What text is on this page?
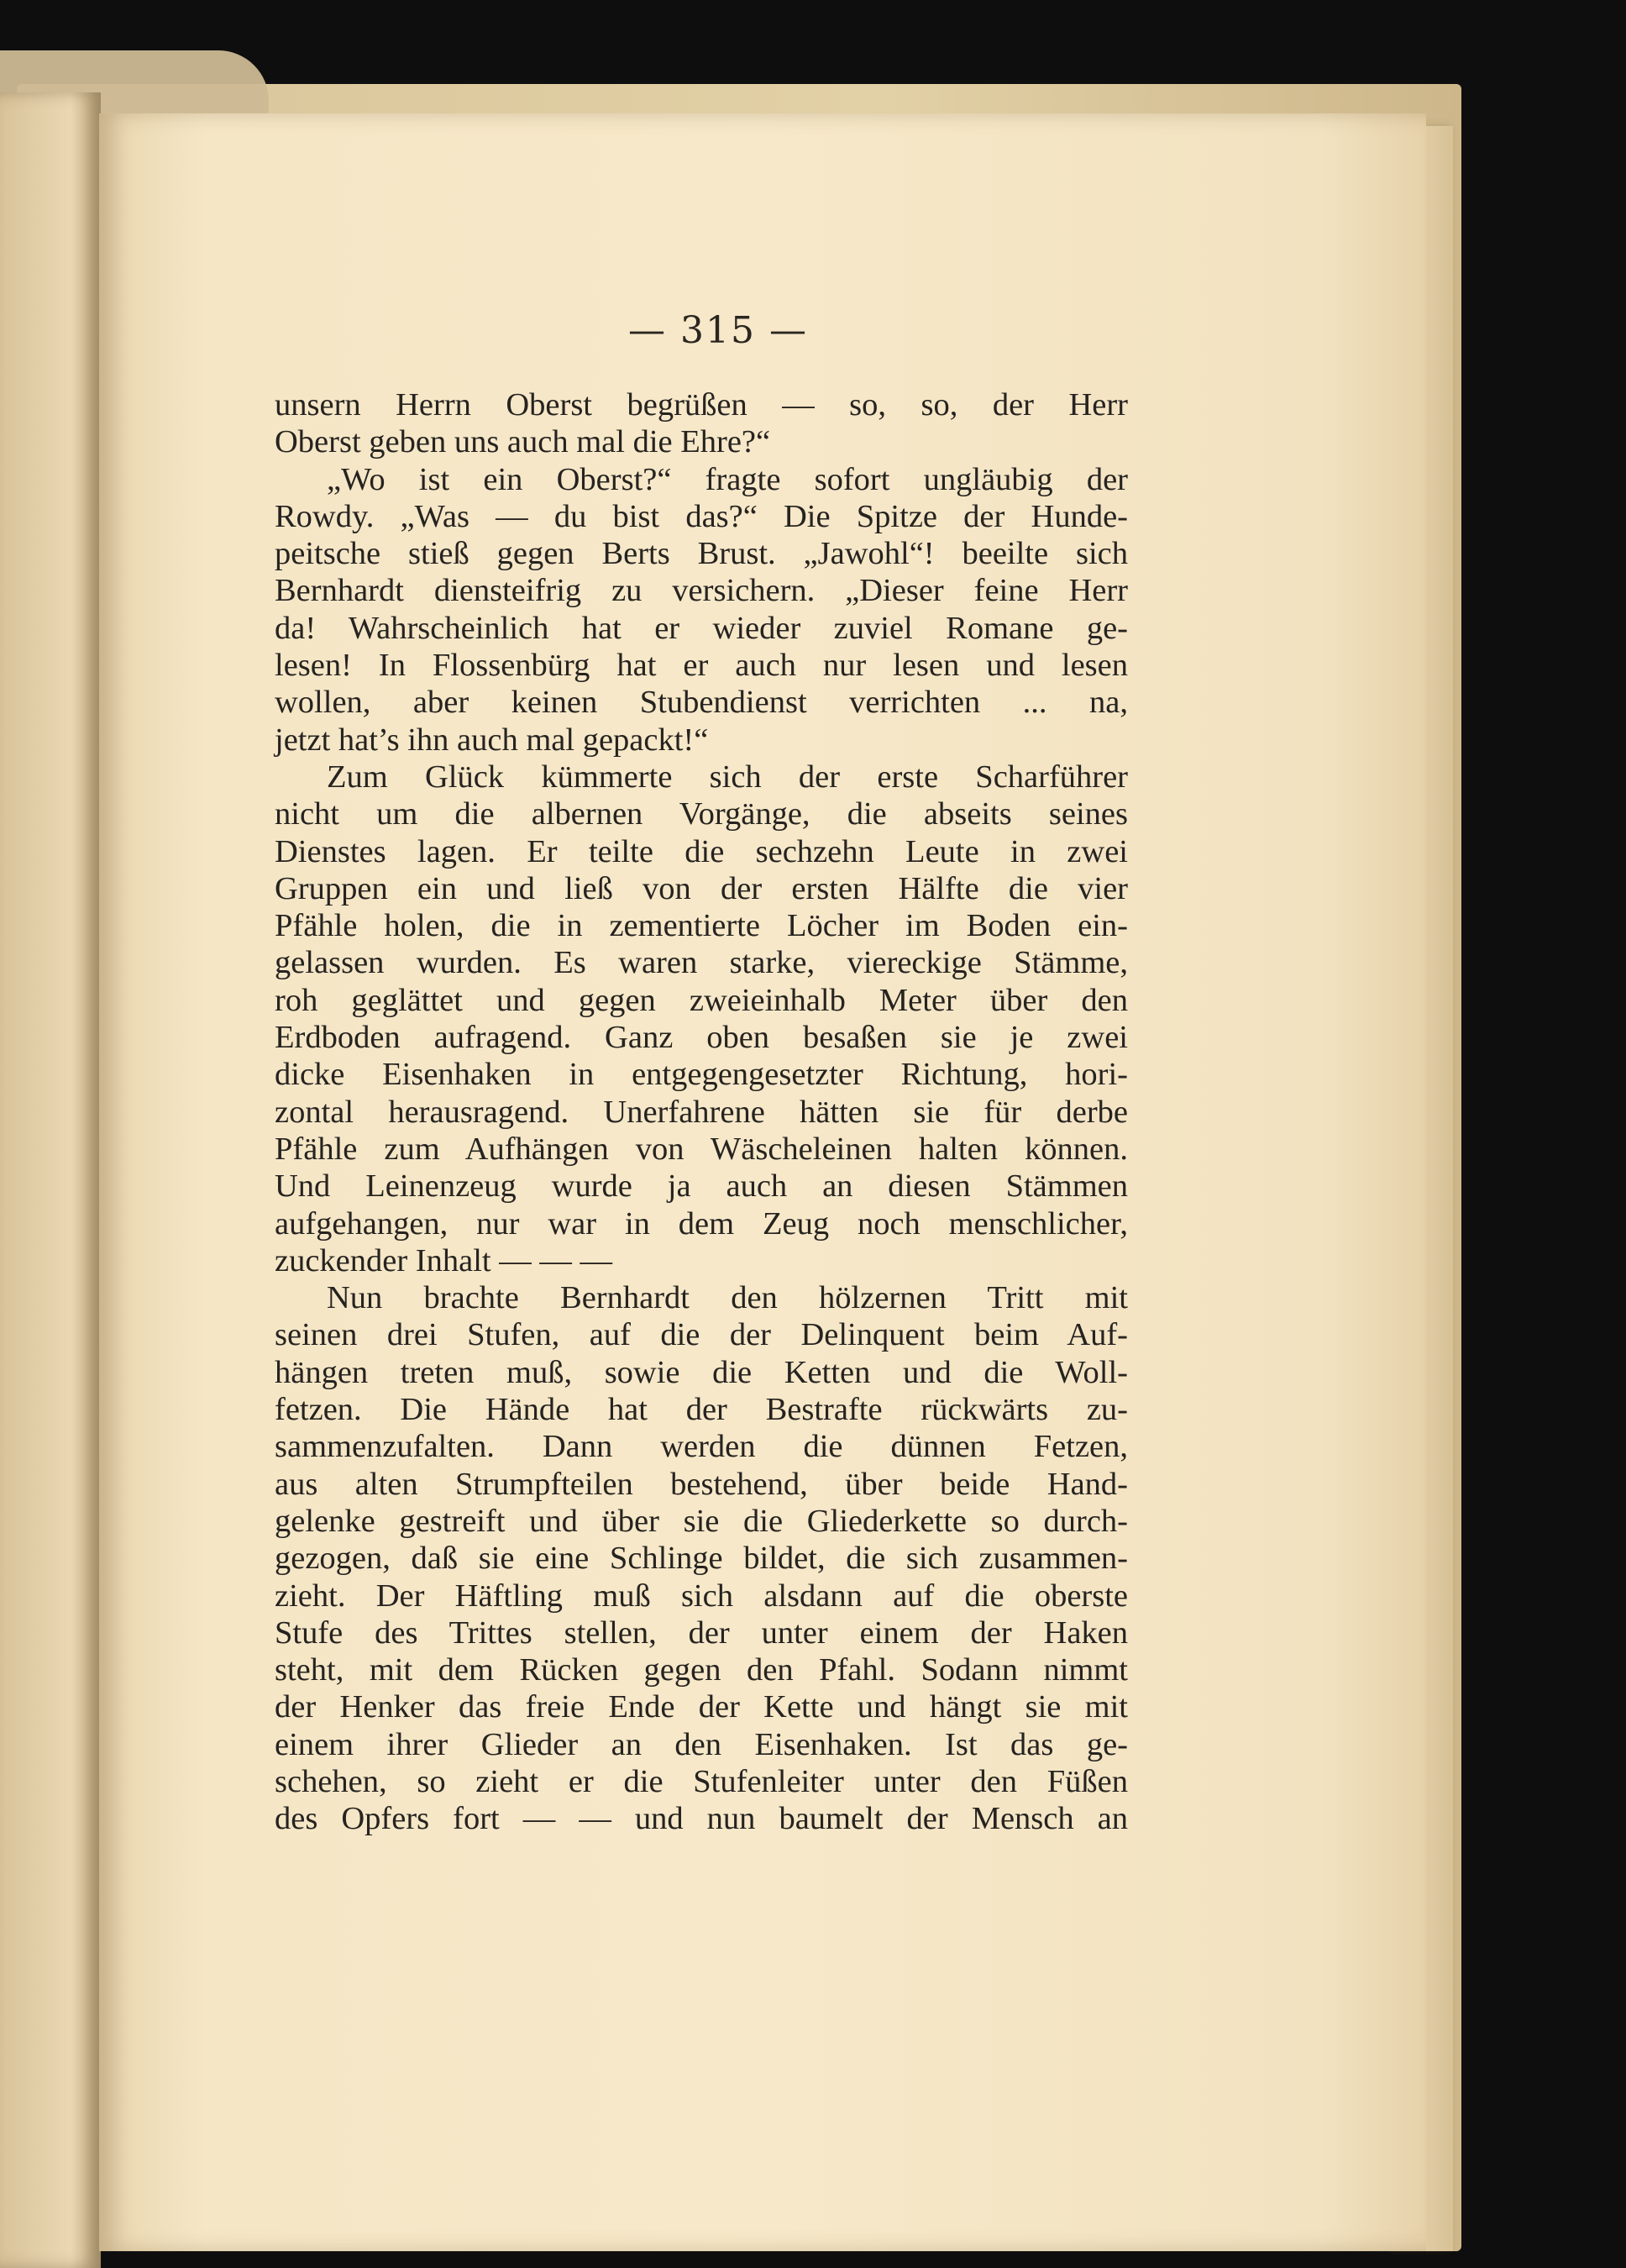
— 315 —
unsern Herrn Oberst begrüßen — so, so, der Herr
Oberst geben uns auch mal die Ehre?“
„Wo ist ein Oberst?“ fragte sofort ungläubig der
Rowdy. „Was — du bist das?“ Die Spitze der Hunde-
peitsche stieß gegen Berts Brust. „Jawohl“! beeilte sich
Bernhardt diensteifrig zu versichern. „Dieser feine Herr
da! Wahrscheinlich hat er wieder zuviel Romane ge-
lesen! In Flossenbürg hat er auch nur lesen und lesen
wollen, aber keinen Stubendienst verrichten ... na,
jetzt hat’s ihn auch mal gepackt!“
Zum Glück kümmerte sich der erste Scharführer
nicht um die albernen Vorgänge, die abseits seines
Dienstes lagen. Er teilte die sechzehn Leute in zwei
Gruppen ein und ließ von der ersten Hälfte die vier
Pfähle holen, die in zementierte Löcher im Boden ein-
gelassen wurden. Es waren starke, viereckige Stämme,
roh geglättet und gegen zweieinhalb Meter über den
Erdboden aufragend. Ganz oben besaßen sie je zwei
dicke Eisenhaken in entgegengesetzter Richtung, hori-
zontal herausragend. Unerfahrene hätten sie für derbe
Pfähle zum Aufhängen von Wäscheleinen halten können.
Und Leinenzeug wurde ja auch an diesen Stämmen
aufgehangen, nur war in dem Zeug noch menschlicher,
zuckender Inhalt — — —
Nun brachte Bernhardt den hölzernen Tritt mit
seinen drei Stufen, auf die der Delinquent beim Auf-
hängen treten muß, sowie die Ketten und die Woll-
fetzen. Die Hände hat der Bestrafte rückwärts zu-
sammenzufalten. Dann werden die dünnen Fetzen,
aus alten Strumpfteilen bestehend, über beide Hand-
gelenke gestreift und über sie die Gliederkette so durch-
gezogen, daß sie eine Schlinge bildet, die sich zusammen-
zieht. Der Häftling muß sich alsdann auf die oberste
Stufe des Trittes stellen, der unter einem der Haken
steht, mit dem Rücken gegen den Pfahl. Sodann nimmt
der Henker das freie Ende der Kette und hängt sie mit
einem ihrer Glieder an den Eisenhaken. Ist das ge-
schehen, so zieht er die Stufenleiter unter den Füßen
des Opfers fort — — und nun baumelt der Mensch an
